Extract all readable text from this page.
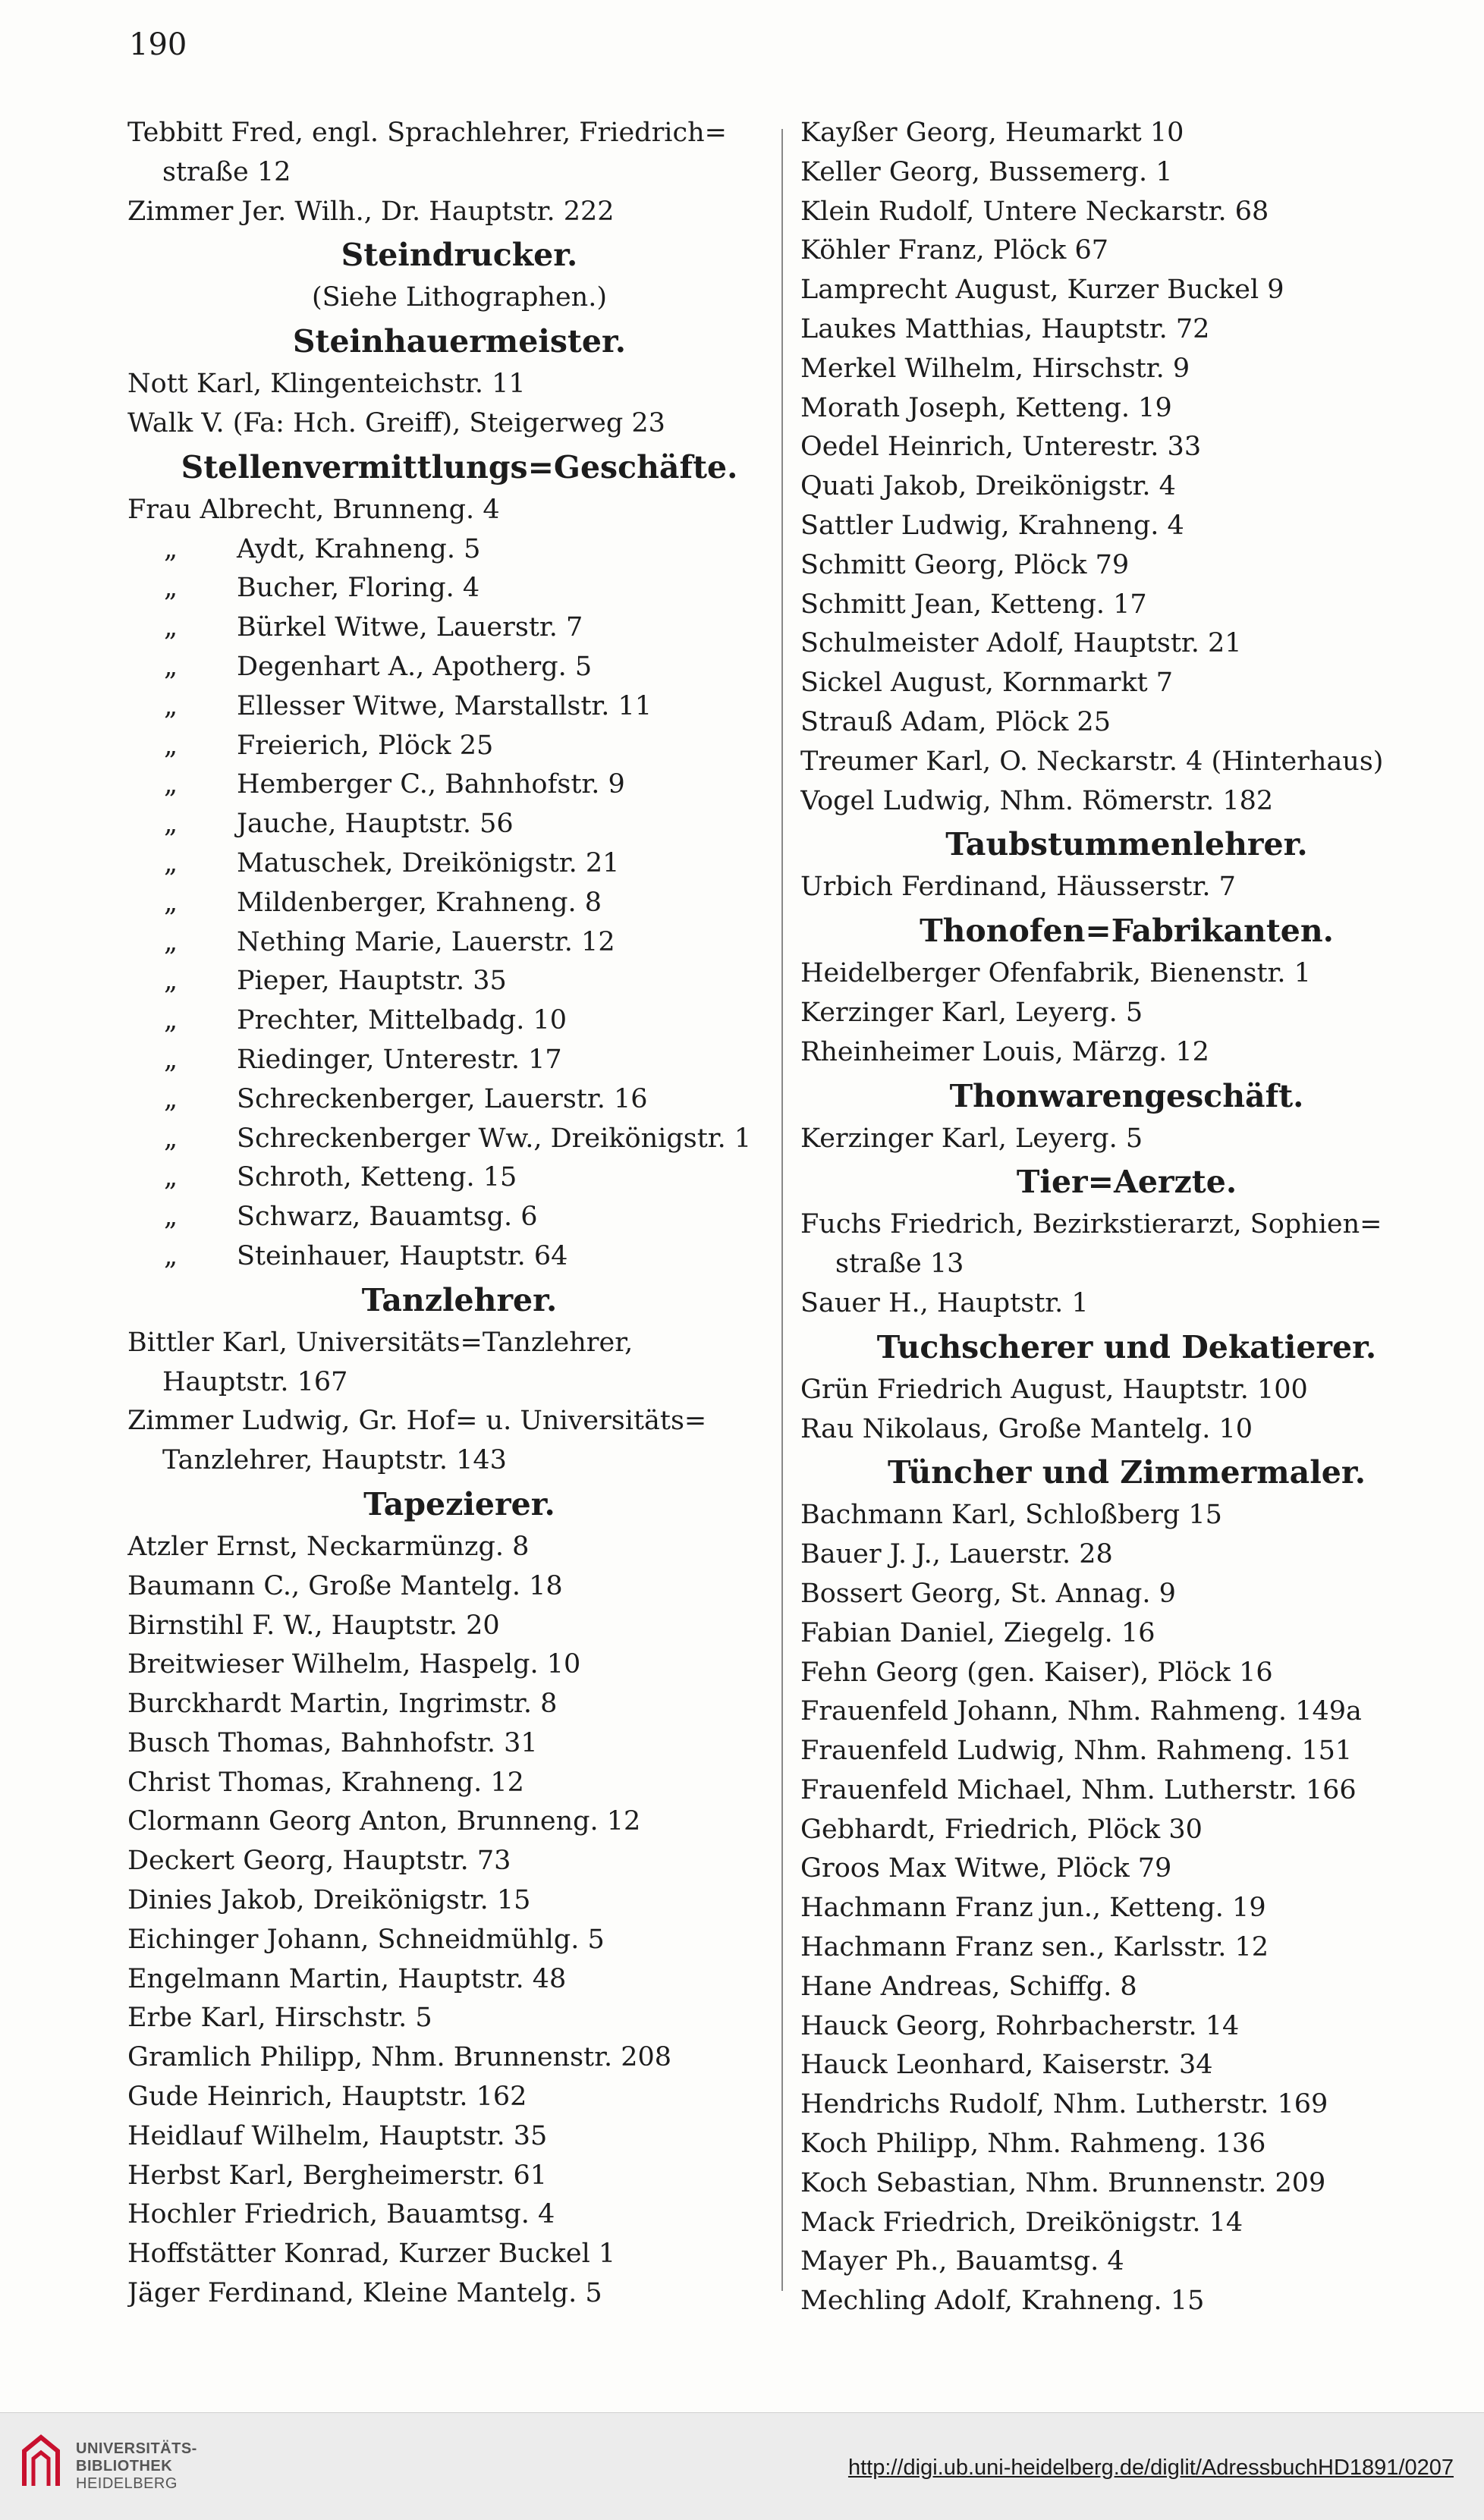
190
Tebbitt Fred, engl. Sprachlehrer, Friedrich=
straße 12
Zimmer Jer. Wilh., Dr. Hauptstr. 222
Steindrucker.
(Siehe Lithographen.)
Steinhauermeister.
Nott Karl, Klingenteichstr. 11
Walk V. (Fa: Hch. Greiff), Steigerweg 23
Stellenvermittlungs=Geschäfte.
Frau Albrecht, Brunneng. 4
„ Aydt, Krahneng. 5
„ Bucher, Floring. 4
„ Bürkel Witwe, Lauerstr. 7
„ Degenhart A., Apotherg. 5
„ Ellesser Witwe, Marstallstr. 11
„ Freierich, Plöck 25
„ Hemberger C., Bahnhofstr. 9
„ Jauche, Hauptstr. 56
„ Matuschek, Dreikönigstr. 21
„ Mildenberger, Krahneng. 8
„ Nething Marie, Lauerstr. 12
„ Pieper, Hauptstr. 35
„ Prechter, Mittelbadg. 10
„ Riedinger, Unterestr. 17
„ Schreckenberger, Lauerstr. 16
„ Schreckenberger Ww., Dreikönigstr. 1
„ Schroth, Ketteng. 15
„ Schwarz, Bauamtsg. 6
„ Steinhauer, Hauptstr. 64
Tanzlehrer.
Bittler Karl, Universitäts=Tanzlehrer,
Hauptstr. 167
Zimmer Ludwig, Gr. Hof= u. Universitäts=
Tanzlehrer, Hauptstr. 143
Tapezierer.
Atzler Ernst, Neckarmünzg. 8
Baumann C., Große Mantelg. 18
Birnstihl F. W., Hauptstr. 20
Breitwieser Wilhelm, Haspelg. 10
Burckhardt Martin, Ingrimstr. 8
Busch Thomas, Bahnhofstr. 31
Christ Thomas, Krahneng. 12
Clormann Georg Anton, Brunneng. 12
Deckert Georg, Hauptstr. 73
Dinies Jakob, Dreikönigstr. 15
Eichinger Johann, Schneidmühlg. 5
Engelmann Martin, Hauptstr. 48
Erbe Karl, Hirschstr. 5
Gramlich Philipp, Nhm. Brunnenstr. 208
Gude Heinrich, Hauptstr. 162
Heidlauf Wilhelm, Hauptstr. 35
Herbst Karl, Bergheimerstr. 61
Hochler Friedrich, Bauamtsg. 4
Hoffstätter Konrad, Kurzer Buckel 1
Jäger Ferdinand, Kleine Mantelg. 5
Kayßer Georg, Heumarkt 10
Keller Georg, Bussemerg. 1
Klein Rudolf, Untere Neckarstr. 68
Köhler Franz, Plöck 67
Lamprecht August, Kurzer Buckel 9
Laukes Matthias, Hauptstr. 72
Merkel Wilhelm, Hirschstr. 9
Morath Joseph, Ketteng. 19
Oedel Heinrich, Unterestr. 33
Quati Jakob, Dreikönigstr. 4
Sattler Ludwig, Krahneng. 4
Schmitt Georg, Plöck 79
Schmitt Jean, Ketteng. 17
Schulmeister Adolf, Hauptstr. 21
Sickel August, Kornmarkt 7
Strauß Adam, Plöck 25
Treumer Karl, O. Neckarstr. 4 (Hinterhaus)
Vogel Ludwig, Nhm. Römerstr. 182
Taubstummenlehrer.
Urbich Ferdinand, Häusserstr. 7
Thonofen=Fabrikanten.
Heidelberger Ofenfabrik, Bienenstr. 1
Kerzinger Karl, Leyerg. 5
Rheinheimer Louis, Märzg. 12
Thonwarengeschäft.
Kerzinger Karl, Leyerg. 5
Tier=Aerzte.
Fuchs Friedrich, Bezirkstierarzt, Sophien=
straße 13
Sauer H., Hauptstr. 1
Tuchscherer und Dekatierer.
Grün Friedrich August, Hauptstr. 100
Rau Nikolaus, Große Mantelg. 10
Tüncher und Zimmermaler.
Bachmann Karl, Schloßberg 15
Bauer J. J., Lauerstr. 28
Bossert Georg, St. Annag. 9
Fabian Daniel, Ziegelg. 16
Fehn Georg (gen. Kaiser), Plöck 16
Frauenfeld Johann, Nhm. Rahmeng. 149a
Frauenfeld Ludwig, Nhm. Rahmeng. 151
Frauenfeld Michael, Nhm. Lutherstr. 166
Gebhardt, Friedrich, Plöck 30
Groos Max Witwe, Plöck 79
Hachmann Franz jun., Ketteng. 19
Hachmann Franz sen., Karlsstr. 12
Hane Andreas, Schiffg. 8
Hauck Georg, Rohrbacherstr. 14
Hauck Leonhard, Kaiserstr. 34
Hendrichs Rudolf, Nhm. Lutherstr. 169
Koch Philipp, Nhm. Rahmeng. 136
Koch Sebastian, Nhm. Brunnenstr. 209
Mack Friedrich, Dreikönigstr. 14
Mayer Ph., Bauamtsg. 4
Mechling Adolf, Krahneng. 15
UNIVERSITÄTS-
BIBLIOTHEK
HEIDELBERG
http://digi.ub.uni-heidelberg.de/diglit/AdressbuchHD1891/0207
